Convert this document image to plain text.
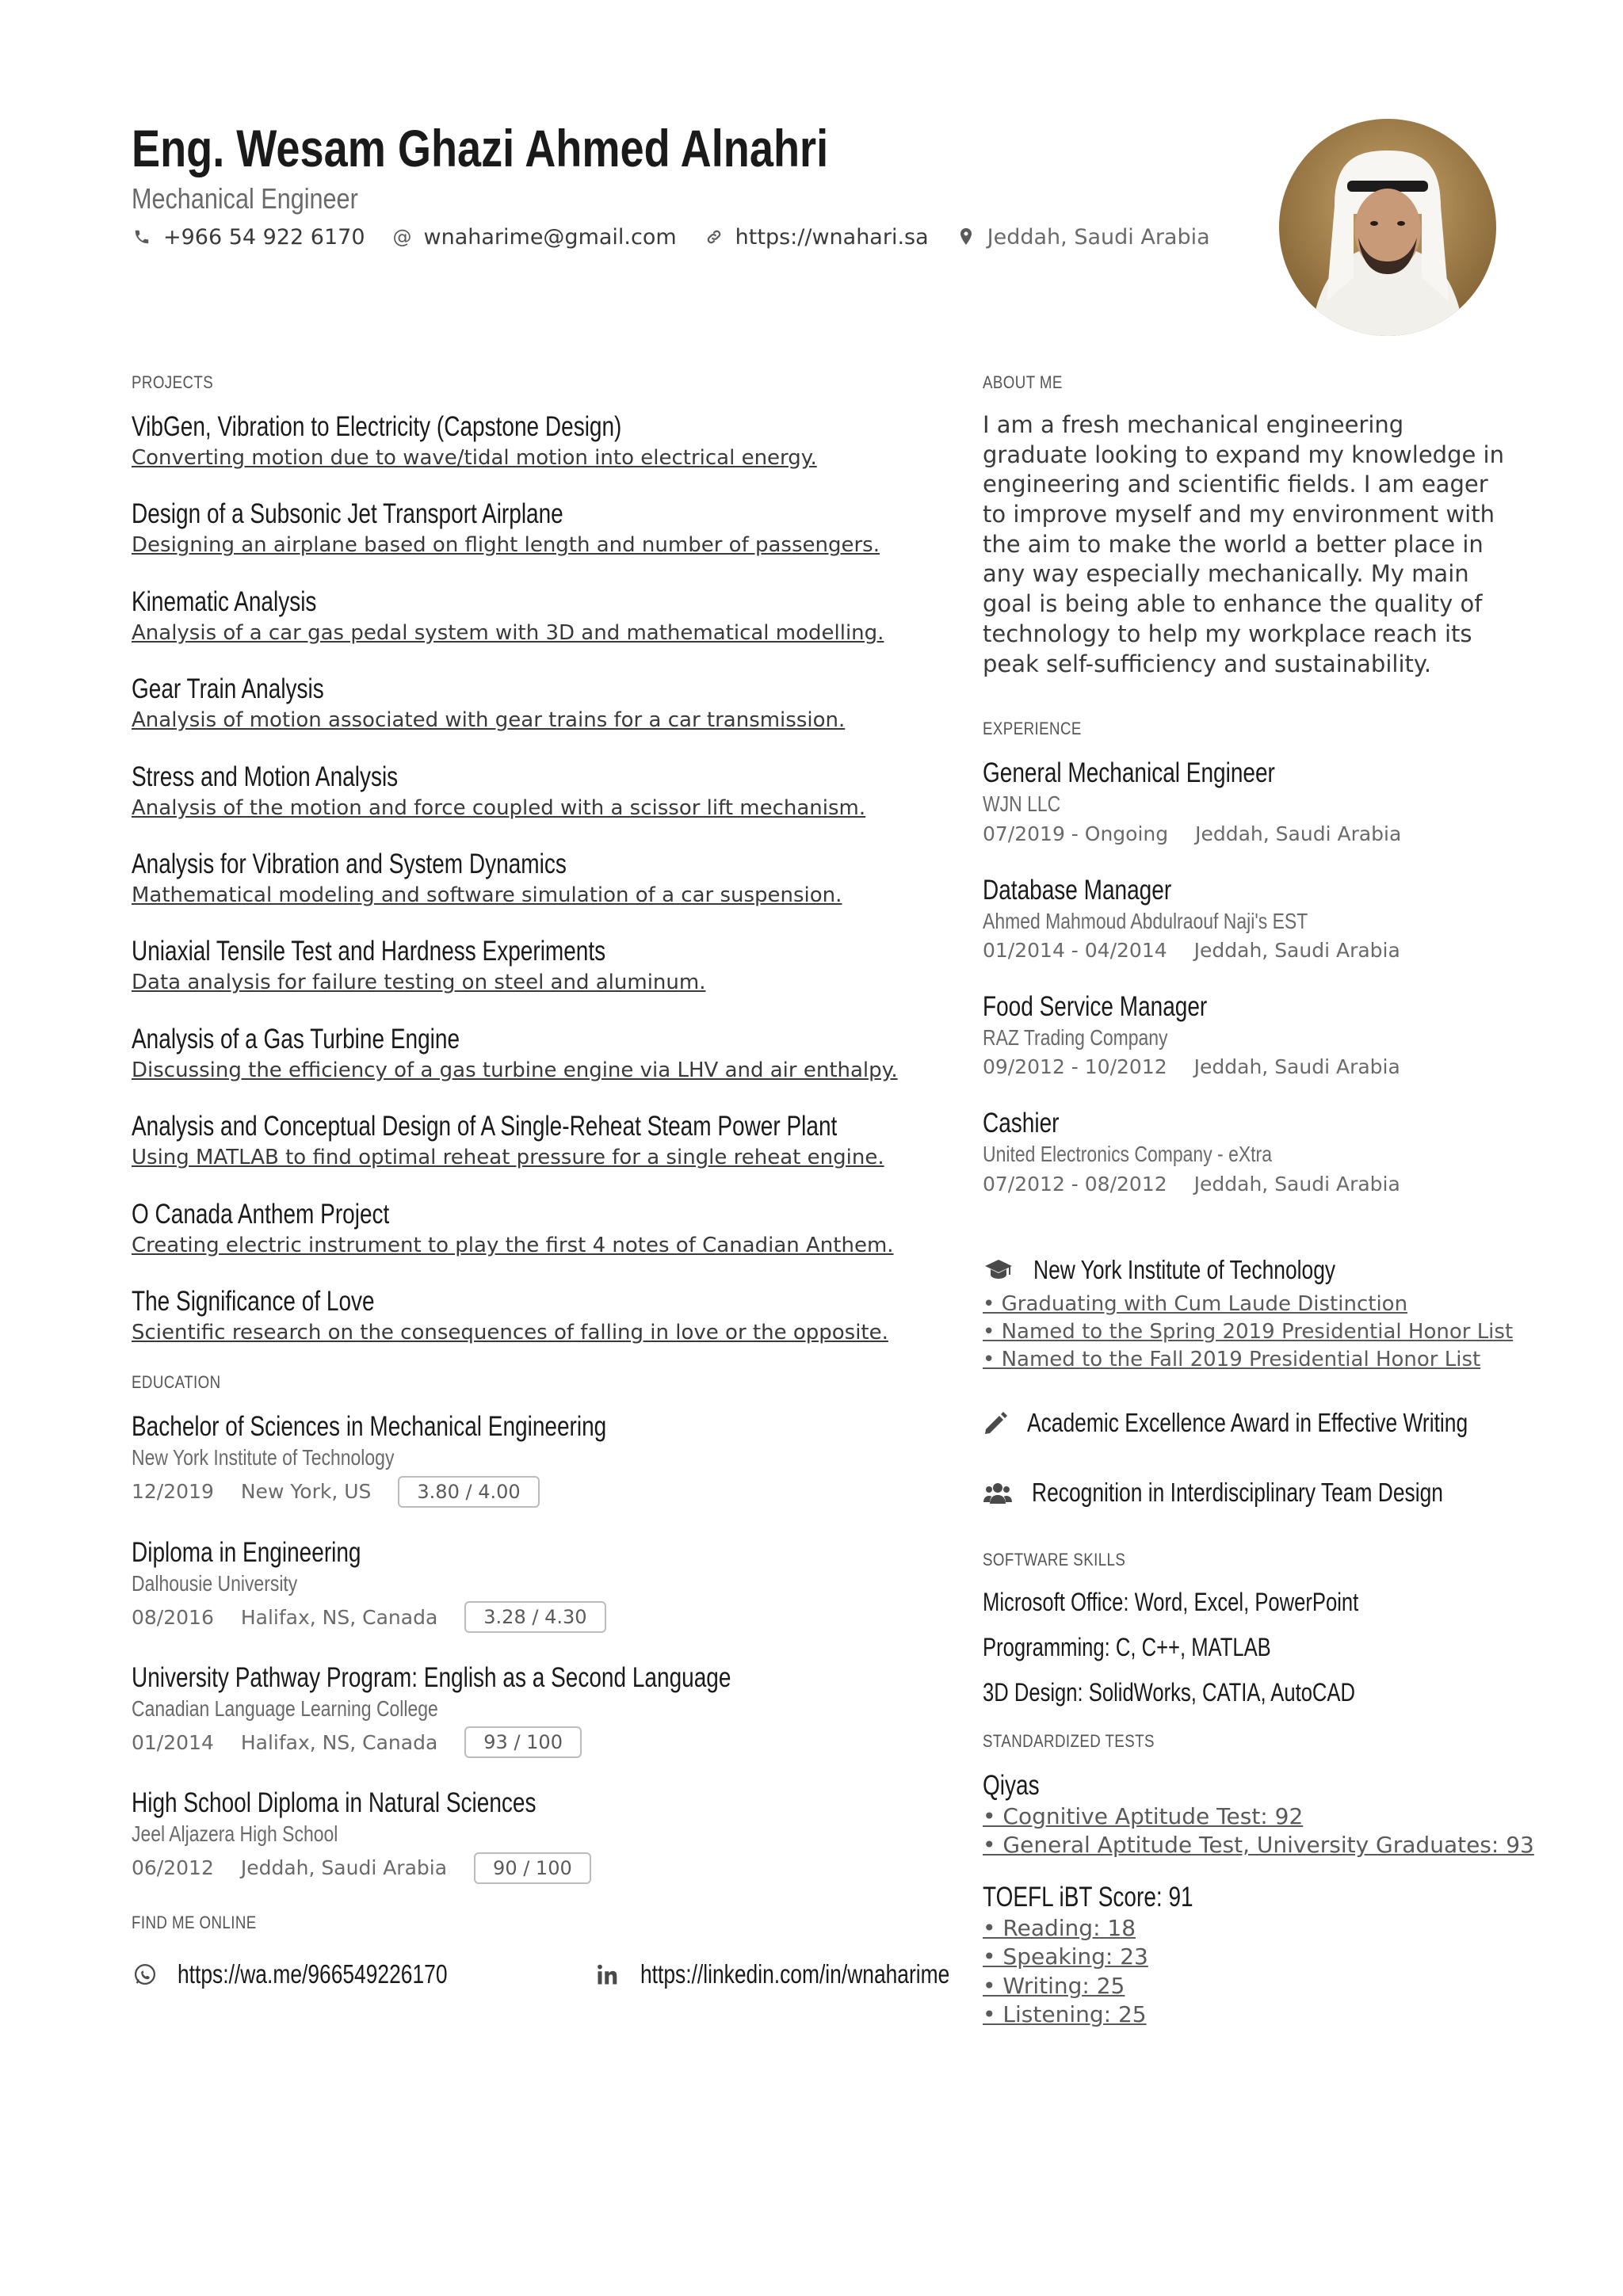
Eng. Wesam Ghazi Ahmed Alnahri
Mechanical Engineer
+966 54 922 6170 @ wnaharime@gmail.com	https://wnahari.sa	Jeddah, Saudi Arabia
PROJECTS
VibGen, Vibration to Electricity (Capstone Design)
Converting motion due to wave/tidal motion into electrical energy.
Design of a Subsonic Jet Transport Airplane
Designing an airplane based on flight length and number of passengers.
Kinematic Analysis
Analysis of a car gas pedal system with 3D and mathematical modelling.
Gear Train Analysis
Analysis of motion associated with gear trains for a car transmission.
Stress and Motion Analysis
Analysis of the motion and force coupled with a scissor lift mechanism.
Analysis for Vibration and System Dynamics
Mathematical modeling and software simulation of a car suspension.
Uniaxial Tensile Test and Hardness Experiments
Data analysis for failure testing on steel and aluminum.
Analysis of a Gas Turbine Engine
Discussing the efficiency of a gas turbine engine via LHV and air enthalpy.
Analysis and Conceptual Design of A Single-Reheat Steam Power Plant
Using MATLAB to find optimal reheat pressure for a single reheat engine.
O Canada Anthem Project
Creating electric instrument to play the first 4 notes of Canadian Anthem.
The Significance of Love
Scientific research on the consequences of falling in love or the opposite.
EDUCATION
Bachelor of Sciences in Mechanical Engineering
New York Institute of Technology
12/2019 New York, US	3.80 / 4.00
Diploma in Engineering
Dalhousie University
08/2016 Halifax, NS, Canada	3.28 / 4.30
University Pathway Program: English as a Second Language
Canadian Language Learning College
01/2014 Halifax, NS, Canada	93 / 100
High School Diploma in Natural Sciences
Jeel Aljazera High School
06/2012 Jeddah, Saudi Arabia	90 / 100
FIND ME ONLINE
https://wa.me/966549226170	https://linkedin.com/in/wnaharime
ABOUT ME
I am a fresh mechanical engineering graduate looking to expand my knowledge in engineering and scientific fields. I am eager to improve myself and my environment with the aim to make the world a better place in any way especially mechanically. My main goal is being able to enhance the quality of technology to help my workplace reach its peak self-sufficiency and sustainability.
EXPERIENCE
General Mechanical Engineer
WJN LLC
07/2019 - Ongoing Jeddah, Saudi Arabia
Database Manager
Ahmed Mahmoud Abdulraouf Naji's EST
01/2014 - 04/2014 Jeddah, Saudi Arabia
Food Service Manager
RAZ Trading Company
09/2012 - 10/2012 Jeddah, Saudi Arabia
Cashier
United Electronics Company - eXtra
07/2012 - 08/2012 Jeddah, Saudi Arabia
New York Institute of Technology
• Graduating with Cum Laude Distinction
• Named to the Spring 2019 Presidential Honor List
• Named to the Fall 2019 Presidential Honor List
Academic Excellence Award in Effective Writing
Recognition in Interdisciplinary Team Design
SOFTWARE SKILLS
Microsoft Office: Word, Excel, PowerPoint
Programming: C, C++, MATLAB
3D Design: SolidWorks, CATIA, AutoCAD
STANDARDIZED TESTS
Qiyas
• Cognitive Aptitude Test: 92
• General Aptitude Test, University Graduates: 93
TOEFL iBT Score: 91
• Reading: 18
• Speaking: 23
• Writing: 25
• Listening: 25
